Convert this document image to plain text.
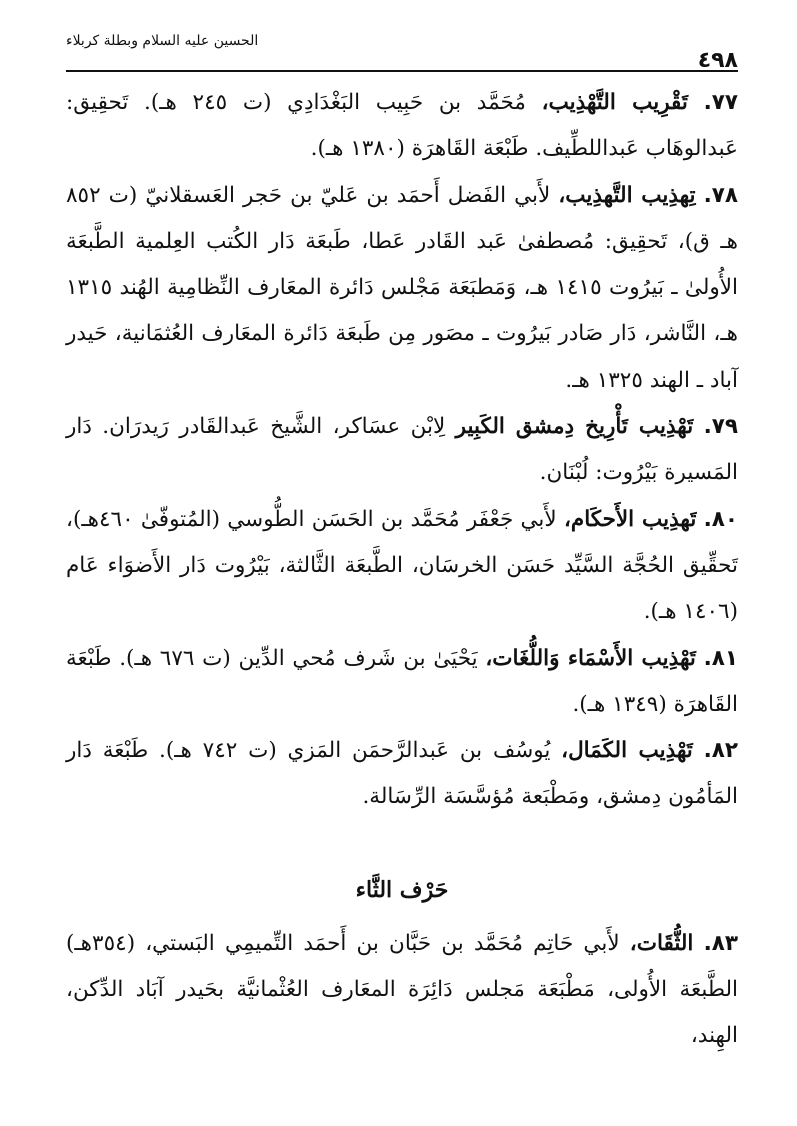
٤٩٨
الحسين عليه السلام وبطلة كربلاء

٧٧. تَقْرِيب التَّهْذِيب، مُحَمَّد بن حَبِيب البَغْدَادِي (ت ٢٤٥ هـ). تَحقِيق: عَبدالوهَاب عَبداللطِّيف. طَبْعَة القَاهرَة (١٣٨٠ هـ).

٧٨. تِهذِيب التَّهذِيب، لأَبي الفَضل أَحمَد بن عَليّ بن حَجر العَسقلانيّ (ت ٨٥٢ هـ ق)، تَحقِيق: مُصطفىٰ عَبد القَادر عَطا، طَبعَة دَار الكُتب العِلمية الطَّبعَة الأُولىٰ ـ بَيرُوت ١٤١٥ هـ، وَمَطبَعَة مَجْلس دَائرة المعَارف النِّظامِية الهُند ١٣١٥ هـ، النَّاشر، دَار صَادر بَيرُوت ـ مصَور مِن طَبعَة دَائرة المعَارف العُثمَانية، حَيدر آباد ـ الهند ١٣٢٥ هـ.

٧٩. تَهْذِيب تَأْرِيخ دِمشق الكَبِير لِابْن عسَاكر، الشَّيخ عَبدالقَادر رَيدرَان. دَار المَسيرة بَيْرُوت: لُبْنَان.

٨٠. تَهذِيب الأَحكَام، لأَبي جَعْفَر مُحَمَّد بن الحَسَن الطُّوسي (المُتوفّىٰ ٤٦٠هـ)، تَحقِّيق الحُجَّة السَّيِّد حَسَن الخرسَان، الطَّبعَة الثَّالثة، بَيْرُوت دَار الأَضوَاء عَام (١٤٠٦ هـ).

٨١. تَهْذِيب الأَسْمَاء وَاللُّغَات، يَحْيَىٰ بن شَرف مُحي الدِّين (ت ٦٧٦ هـ). طَبْعَة القَاهرَة (١٣٤٩ هـ).

٨٢. تَهْذِيب الكَمَال، يُوسُف بن عَبدالرَّحمَن المَزي (ت ٧٤٢ هـ). طَبْعَة دَار المَأمُون دِمشق، ومَطْبَعة مُؤسَّسَة الرِّسَالة.

حَرْف الثَّاء

٨٣. الثُّقَات، لأَبي حَاتِم مُحَمَّد بن حَبَّان بن أَحمَد التِّميمِي البَستي، (٣٥٤هـ) الطَّبعَة الأُولى، مَطْبَعَة مَجلس دَائِرَة المعَارف العُثْمانيَّة بحَيدر آبَاد الدِّكن، الهِند،
